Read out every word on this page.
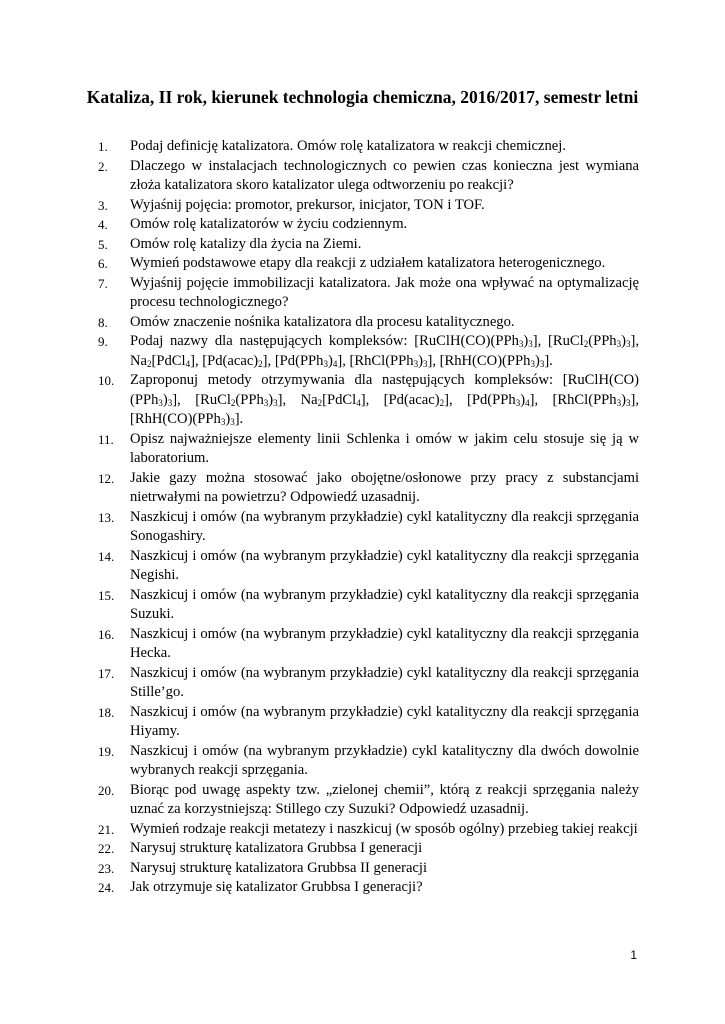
Kataliza, II rok, kierunek technologia chemiczna, 2016/2017, semestr letni
1.	Podaj definicję katalizatora. Omów rolę katalizatora w reakcji chemicznej.
2.	Dlaczego w instalacjach technologicznych co pewien czas konieczna jest wymiana złoża katalizatora skoro katalizator ulega odtworzeniu po reakcji?
3.	Wyjaśnij pojęcia: promotor, prekursor, inicjator, TON i TOF.
4.	Omów rolę katalizatorów w życiu codziennym.
5.	Omów rolę katalizy dla życia na Ziemi.
6.	Wymień podstawowe etapy dla reakcji z udziałem katalizatora heterogenicznego.
7.	Wyjaśnij pojęcie immobilizacji katalizatora. Jak może ona wpływać na optymalizację procesu technologicznego?
8.	Omów znaczenie nośnika katalizatora dla procesu katalitycznego.
9.	Podaj nazwy dla następujących kompleksów: $[RuClH(CO)(PPh_3)_3]$, $[RuCl_2(PPh_3)_3]$, $Na_2[PdCl_4]$, $[Pd(acac)_2]$, $[Pd(PPh_3)_4]$, $[RhCl(PPh_3)_3]$, $[RhH(CO)(PPh_3)_3]$.
10.	Zaproponuj metody otrzymywania dla następujących kompleksów: $[RuClH(CO)(PPh_3)_3]$, $[RuCl_2(PPh_3)_3]$, $Na_2[PdCl_4]$, $[Pd(acac)_2]$, $[Pd(PPh_3)_4]$, $[RhCl(PPh_3)_3]$, $[RhH(CO)(PPh_3)_3]$.
11.	Opisz najważniejsze elementy linii Schlenka i omów w jakim celu stosuje się ją w laboratorium.
12.	Jakie gazy można stosować jako obojętne/osłonowe przy pracy z substancjami nietrwałymi na powietrzu? Odpowiedź uzasadnij.
13.	Naszkicuj i omów (na wybranym przykładzie) cykl katalityczny dla reakcji sprzęgania Sonogashiry.
14.	Naszkicuj i omów (na wybranym przykładzie) cykl katalityczny dla reakcji sprzęgania Negishi.
15.	Naszkicuj i omów (na wybranym przykładzie) cykl katalityczny dla reakcji sprzęgania Suzuki.
16.	Naszkicuj i omów (na wybranym przykładzie) cykl katalityczny dla reakcji sprzęgania Hecka.
17.	Naszkicuj i omów (na wybranym przykładzie) cykl katalityczny dla reakcji sprzęgania Stille’go.
18.	Naszkicuj i omów (na wybranym przykładzie) cykl katalityczny dla reakcji sprzęgania Hiyamy.
19.	Naszkicuj i omów (na wybranym przykładzie) cykl katalityczny dla dwóch dowolnie wybranych reakcji sprzęgania.
20.	Biorąc pod uwagę aspekty tzw. „zielonej chemii”, którą z reakcji sprzęgania należy uznać za korzystniejszą: Stillego czy Suzuki? Odpowiedź uzasadnij.
21.	Wymień rodzaje reakcji metatezy i naszkicuj (w sposób ogólny) przebieg takiej reakcji
22.	Narysuj strukturę katalizatora Grubbsa I generacji
23.	Narysuj strukturę katalizatora Grubbsa II generacji
24.	Jak otrzymuje się katalizator Grubbsa I generacji?
1
